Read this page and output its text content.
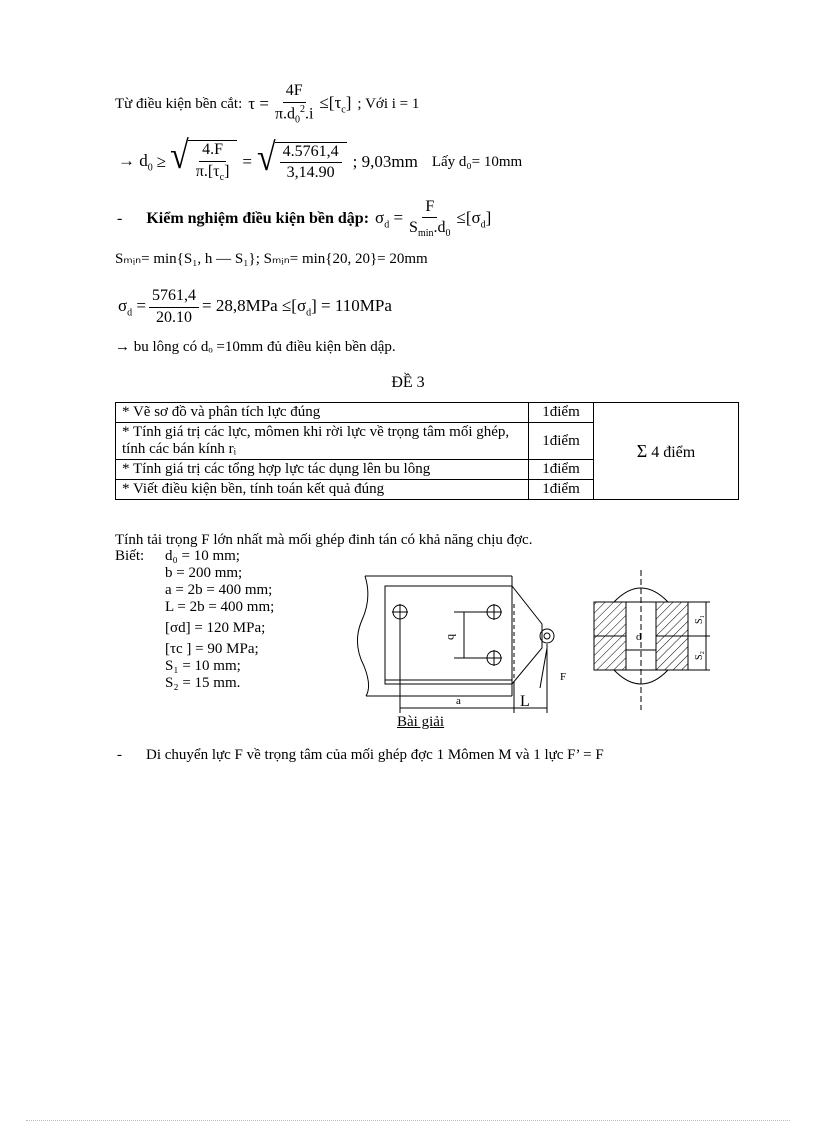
Từ điều kiện bền cắt: $\tau = \frac{4F}{\pi.d_0^2.i} \le[\tau_c]$ ; Với i = 1
→ $d_0$ ≥ √ $\frac{4.F}{\pi.[\tau_c]}$ = √ $\frac{4.5761,4}{3,14.90}$ ; 9,03mm Lấy d₀= 10mm
- Kiểm nghiệm điều kiện bền dập: $\sigma_d = \frac{F}{S_{min}.d_0} \le[\sigma_d]$
Sₘᵢₙ= min{S₁, h — S₁}; Sₘᵢₙ= min{20, 20}= 20mm
$\sigma_d = \frac{5761,4}{20.10} = 28,8MPa \le[\sigma_d] = 110MPa$
→ bu lông có dₒ =10mm đủ điều kiện bền dập.
ĐỀ 3
* Vẽ sơ đồ và phân tích lực đúng	1điểm	Σ 4 điểm
* Tính giá trị các lực, mômen khi rời lực về trọng tâm mối ghép, tính các bán kính rᵢ	1điểm	
* Tính giá trị các tổng hợp lực tác dụng lên bu lông	1điểm	
* Viết điều kiện bền, tính toán kết quả đúng	1điểm	
Tính tải trọng F lớn nhất mà mối ghép đinh tán có khả năng chịu đợc.
Biết: d₀ = 10 mm;
b = 200 mm;
a = 2b = 400 mm;
L = 2b = 400 mm;
[σd] = 120 MPa;
[τc ] = 90 MPa;
S₁ = 10 mm;
S₂ = 15 mm.
b
a	L
F
d
S₁
S₂
Bài giải
- Di chuyển lực F về trọng tâm của mối ghép đợc 1 Mômen M và 1 lực F’ = F
